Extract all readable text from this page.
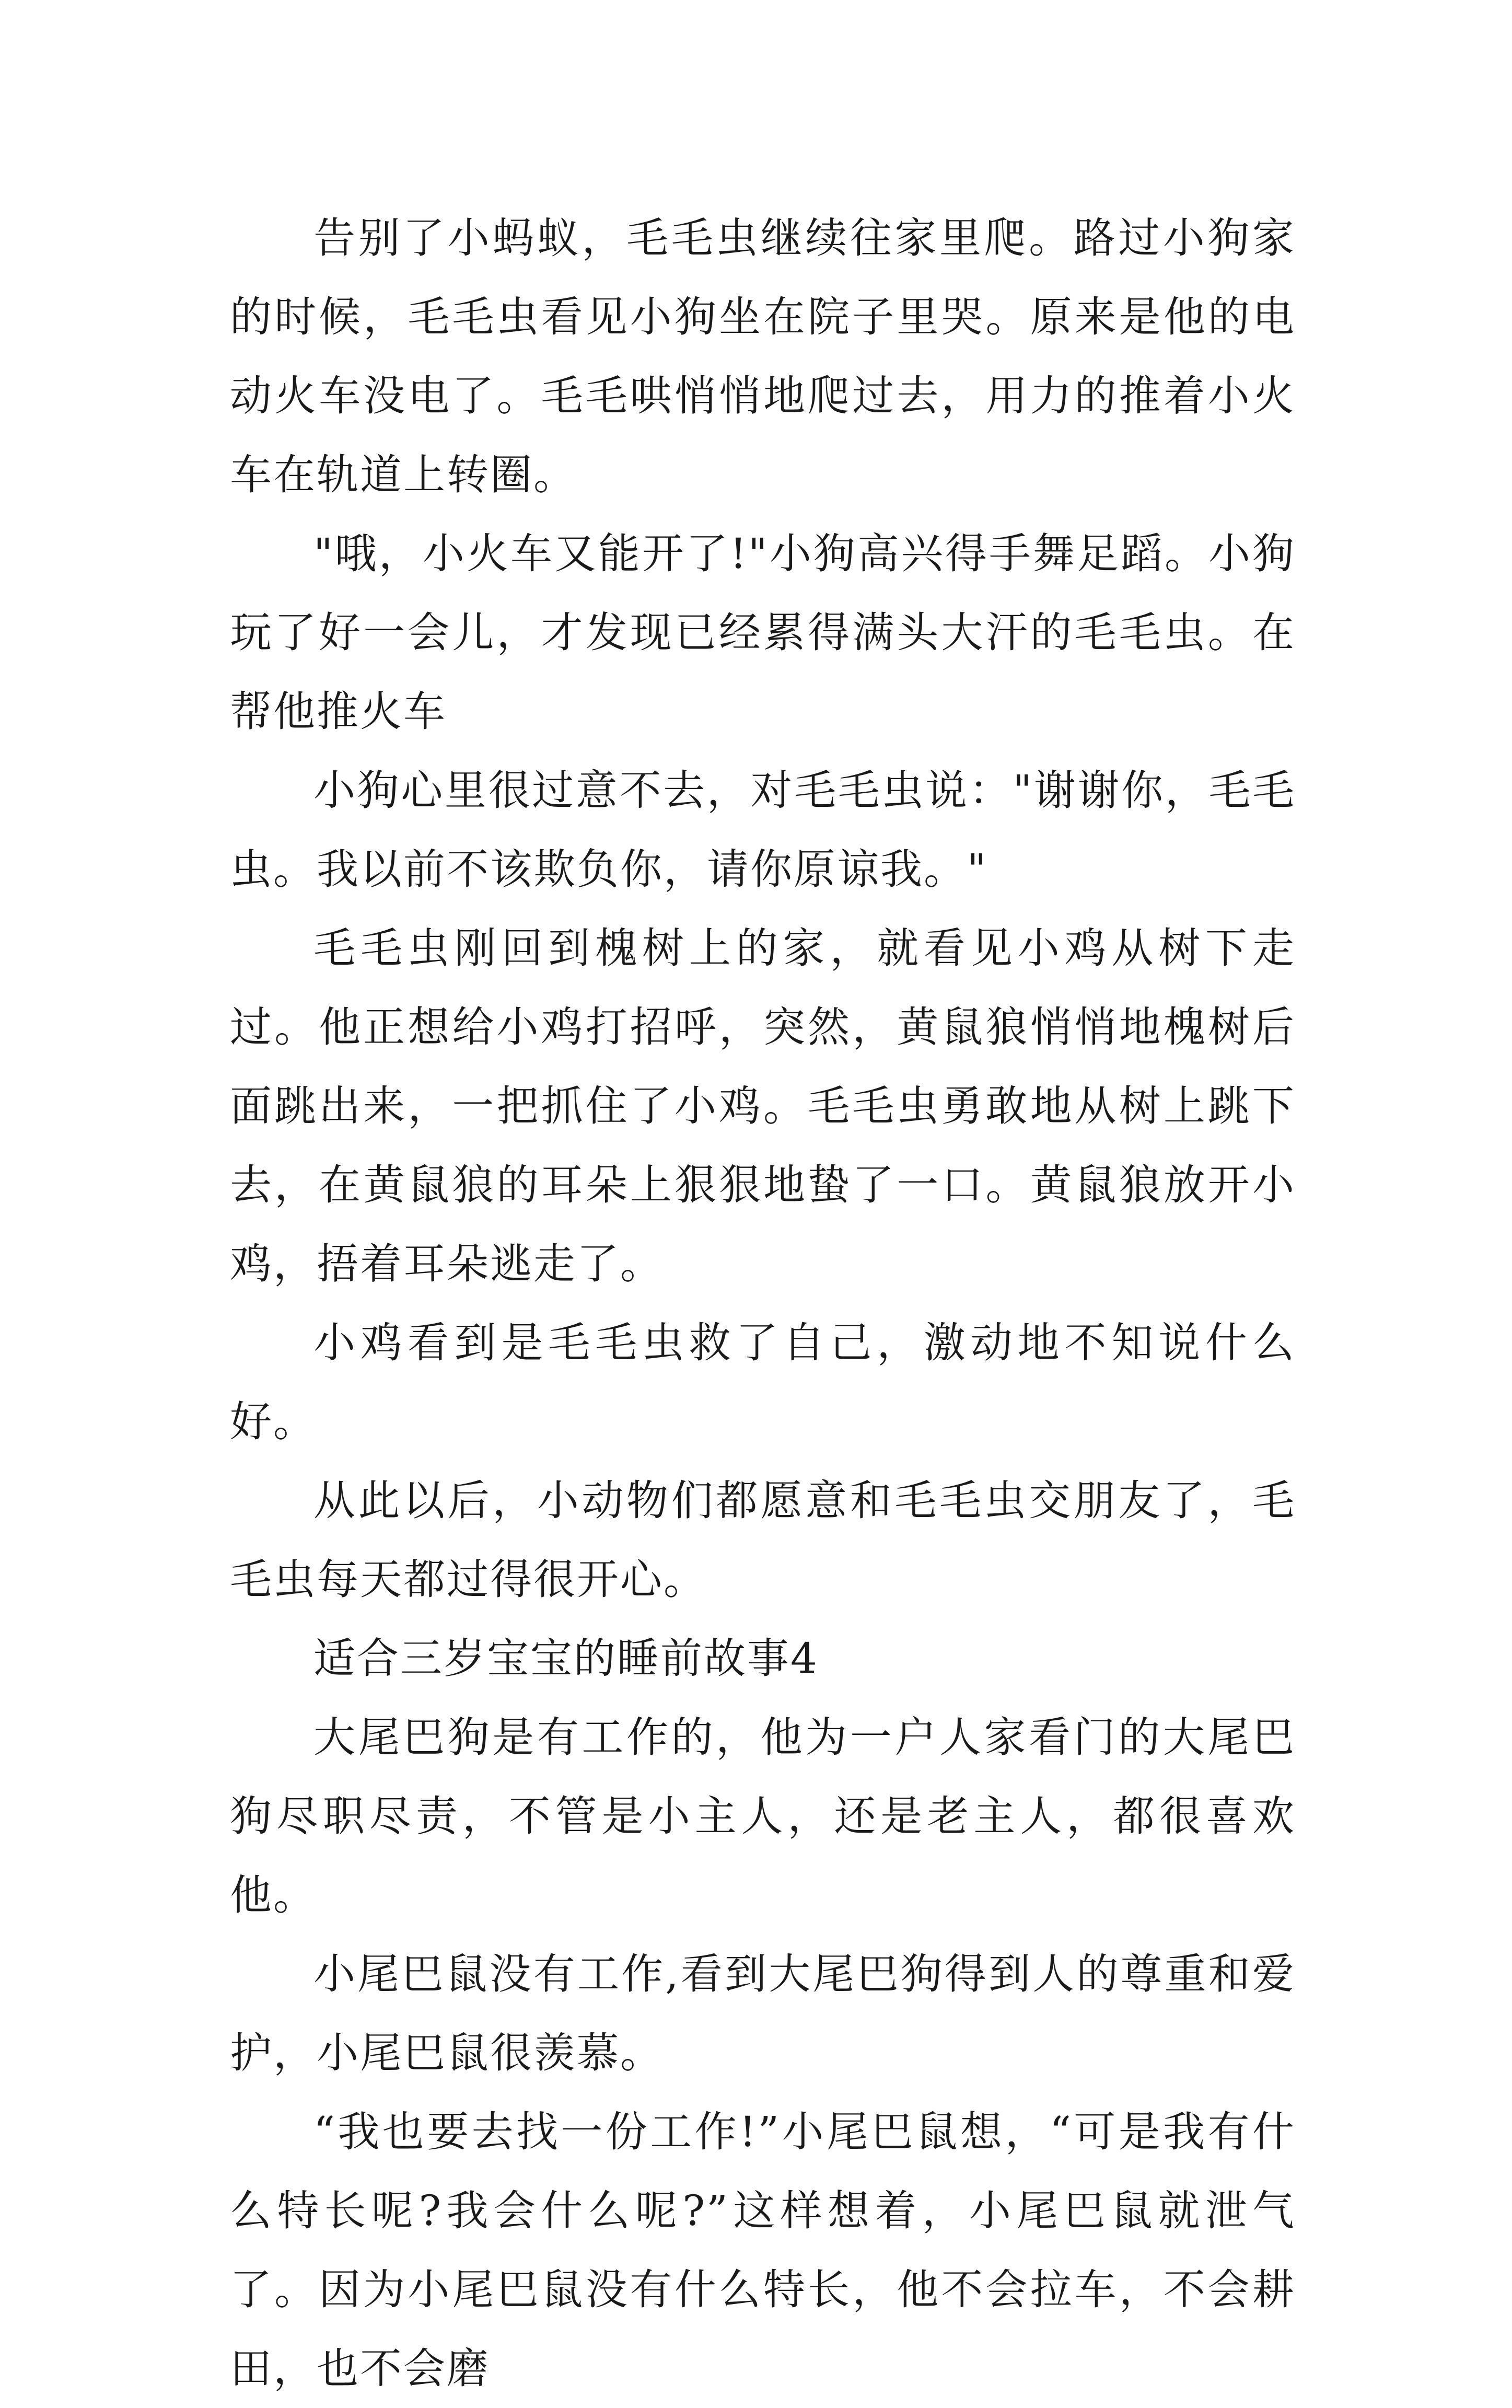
告别了小蚂蚁，毛毛虫继续往家里爬。路过小狗家的时候，毛毛虫看见小狗坐在院子里哭。原来是他的电动火车没电了。毛毛哄悄悄地爬过去，用力的推着小火车在轨道上转圈。

"哦，小火车又能开了!"小狗高兴得手舞足蹈。小狗玩了好一会儿，才发现已经累得满头大汗的毛毛虫。在帮他推火车

小狗心里很过意不去，对毛毛虫说："谢谢你，毛毛虫。我以前不该欺负你，请你原谅我。"

毛毛虫刚回到槐树上的家，就看见小鸡从树下走过。他正想给小鸡打招呼，突然，黄鼠狼悄悄地槐树后面跳出来，一把抓住了小鸡。毛毛虫勇敢地从树上跳下去，在黄鼠狼的耳朵上狠狠地蛰了一口。黄鼠狼放开小鸡，捂着耳朵逃走了。

小鸡看到是毛毛虫救了自己，激动地不知说什么好。

从此以后，小动物们都愿意和毛毛虫交朋友了，毛毛虫每天都过得很开心。

适合三岁宝宝的睡前故事4

大尾巴狗是有工作的，他为一户人家看门的大尾巴狗尽职尽责，不管是小主人，还是老主人，都很喜欢他。

小尾巴鼠没有工作,看到大尾巴狗得到人的尊重和爱护，小尾巴鼠很羡慕。

“我也要去找一份工作!”小尾巴鼠想，“可是我有什么特长呢?我会什么呢?”这样想着，小尾巴鼠就泄气了。因为小尾巴鼠没有什么特长，他不会拉车，不会耕田，也不会磨
